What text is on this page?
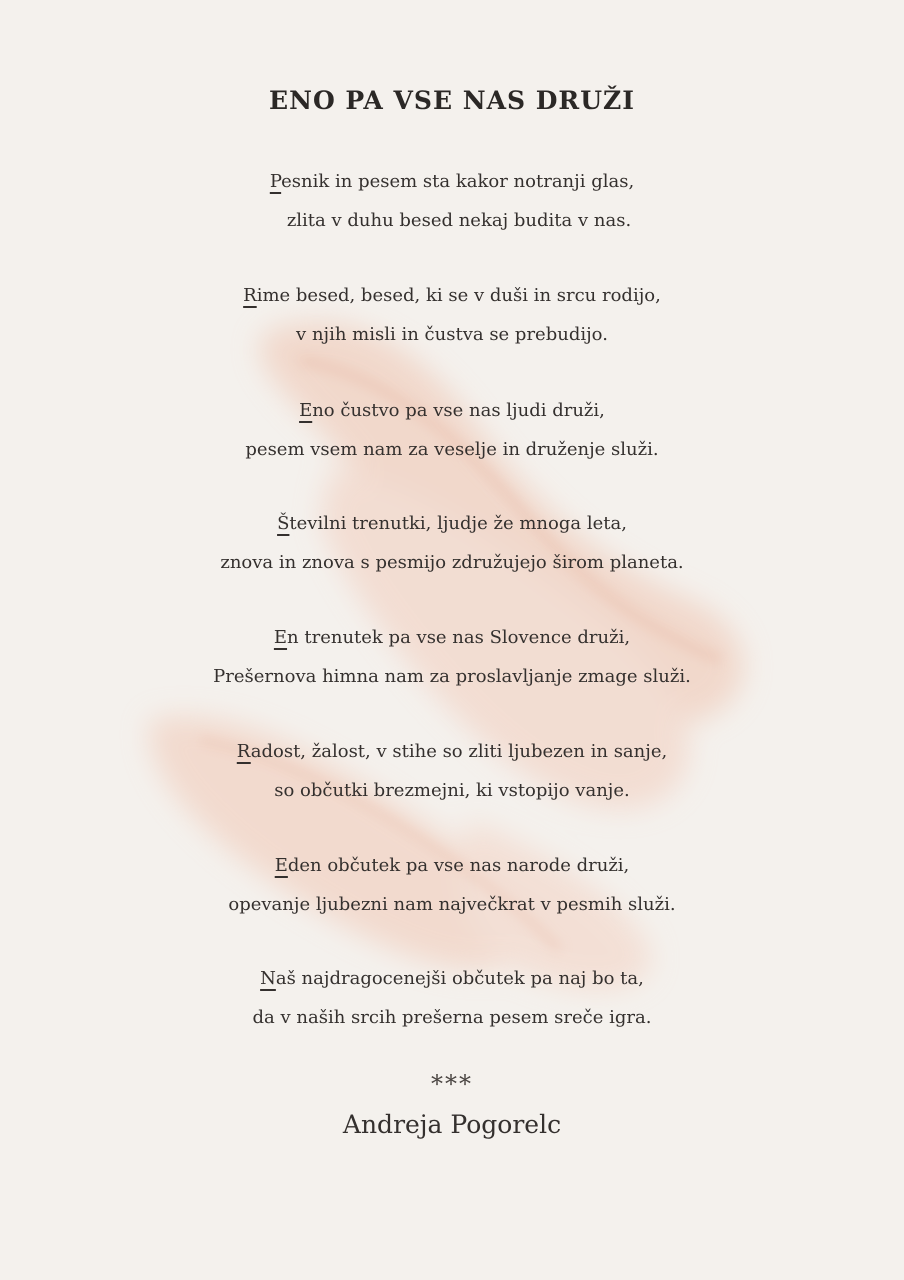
ENO PA VSE NAS DRUŽI
Pesnik in pesem sta kakor notranji glas,
zlita v duhu besed nekaj budita v nas.
Rime besed, besed, ki se v duši in srcu rodijo,
v njih misli in čustva se prebudijo.
Eno čustvo pa vse nas ljudi druži,
pesem vsem nam za veselje in druženje služi.
Številni trenutki, ljudje že mnoga leta,
znova in znova s pesmijo združujejo širom planeta.
En trenutek pa vse nas Slovence druži,
Prešernova himna nam za proslavljanje zmage služi.
Radost, žalost, v stihe so zliti ljubezen in sanje,
so občutki brezmejni, ki vstopijo vanje.
Eden občutek pa vse nas narode druži,
opevanje ljubezni nam največkrat v pesmih služi.
Naš najdragocenejši občutek pa naj bo ta,
da v naših srcih prešerna pesem sreče igra.
***
Andreja Pogorelc
